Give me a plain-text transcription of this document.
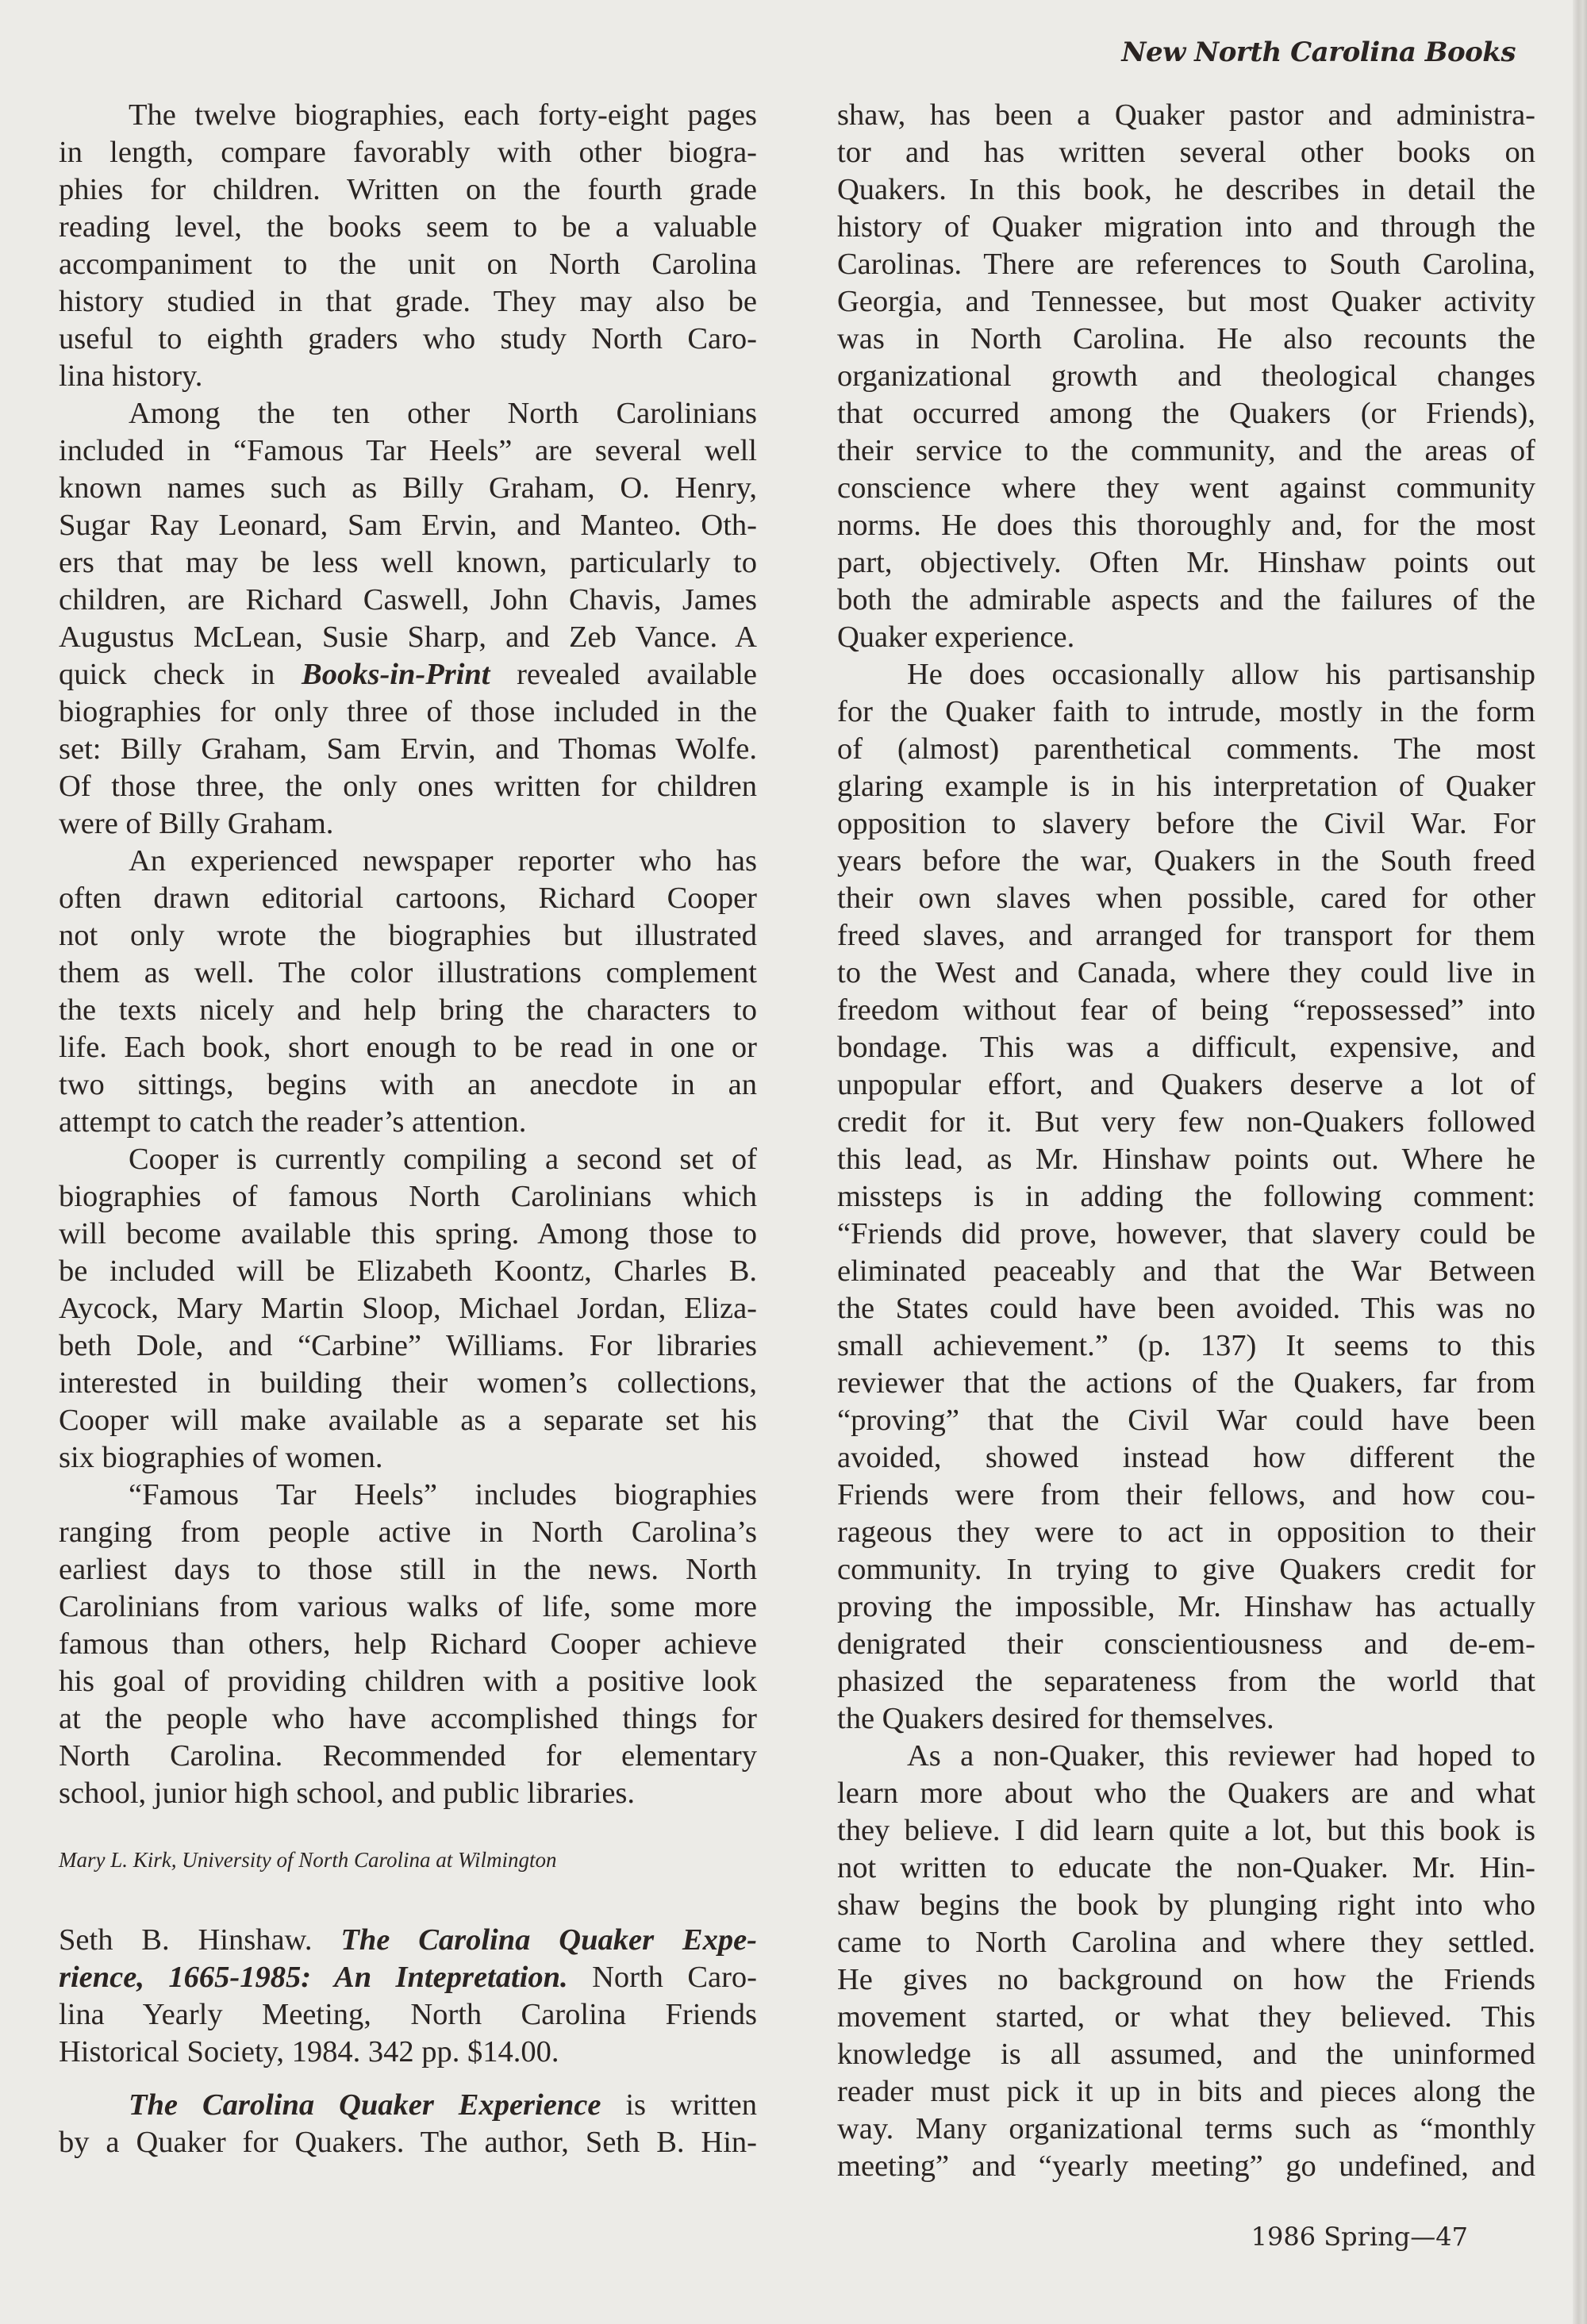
New North Carolina Books
The twelve biographies, each forty-eight pages
in length, compare favorably with other biogra-
phies for children. Written on the fourth grade
reading level, the books seem to be a valuable
accompaniment to the unit on North Carolina
history studied in that grade. They may also be
useful to eighth graders who study North Caro-
lina history.
Among the ten other North Carolinians
included in “Famous Tar Heels” are several well
known names such as Billy Graham, O. Henry,
Sugar Ray Leonard, Sam Ervin, and Manteo. Oth-
ers that may be less well known, particularly to
children, are Richard Caswell, John Chavis, James
Augustus McLean, Susie Sharp, and Zeb Vance. A
quick check in Books-in-Print revealed available
biographies for only three of those included in the
set: Billy Graham, Sam Ervin, and Thomas Wolfe.
Of those three, the only ones written for children
were of Billy Graham.
An experienced newspaper reporter who has
often drawn editorial cartoons, Richard Cooper
not only wrote the biographies but illustrated
them as well. The color illustrations complement
the texts nicely and help bring the characters to
life. Each book, short enough to be read in one or
two sittings, begins with an anecdote in an
attempt to catch the reader’s attention.
Cooper is currently compiling a second set of
biographies of famous North Carolinians which
will become available this spring. Among those to
be included will be Elizabeth Koontz, Charles B.
Aycock, Mary Martin Sloop, Michael Jordan, Eliza-
beth Dole, and “Carbine” Williams. For libraries
interested in building their women’s collections,
Cooper will make available as a separate set his
six biographies of women.
“Famous Tar Heels” includes biographies
ranging from people active in North Carolina’s
earliest days to those still in the news. North
Carolinians from various walks of life, some more
famous than others, help Richard Cooper achieve
his goal of providing children with a positive look
at the people who have accomplished things for
North Carolina. Recommended for elementary
school, junior high school, and public libraries.
Mary L. Kirk, University of North Carolina at Wilmington
Seth B. Hinshaw. The Carolina Quaker Expe-
rience, 1665-1985: An Intepretation. North Caro-
lina Yearly Meeting, North Carolina Friends
Historical Society, 1984. 342 pp. $14.00.
The Carolina Quaker Experience is written
by a Quaker for Quakers. The author, Seth B. Hin-
shaw, has been a Quaker pastor and administra-
tor and has written several other books on
Quakers. In this book, he describes in detail the
history of Quaker migration into and through the
Carolinas. There are references to South Carolina,
Georgia, and Tennessee, but most Quaker activity
was in North Carolina. He also recounts the
organizational growth and theological changes
that occurred among the Quakers (or Friends),
their service to the community, and the areas of
conscience where they went against community
norms. He does this thoroughly and, for the most
part, objectively. Often Mr. Hinshaw points out
both the admirable aspects and the failures of the
Quaker experience.
He does occasionally allow his partisanship
for the Quaker faith to intrude, mostly in the form
of (almost) parenthetical comments. The most
glaring example is in his interpretation of Quaker
opposition to slavery before the Civil War. For
years before the war, Quakers in the South freed
their own slaves when possible, cared for other
freed slaves, and arranged for transport for them
to the West and Canada, where they could live in
freedom without fear of being “repossessed” into
bondage. This was a difficult, expensive, and
unpopular effort, and Quakers deserve a lot of
credit for it. But very few non-Quakers followed
this lead, as Mr. Hinshaw points out. Where he
missteps is in adding the following comment:
“Friends did prove, however, that slavery could be
eliminated peaceably and that the War Between
the States could have been avoided. This was no
small achievement.” (p. 137) It seems to this
reviewer that the actions of the Quakers, far from
“proving” that the Civil War could have been
avoided, showed instead how different the
Friends were from their fellows, and how cou-
rageous they were to act in opposition to their
community. In trying to give Quakers credit for
proving the impossible, Mr. Hinshaw has actually
denigrated their conscientiousness and de-em-
phasized the separateness from the world that
the Quakers desired for themselves.
As a non-Quaker, this reviewer had hoped to
learn more about who the Quakers are and what
they believe. I did learn quite a lot, but this book is
not written to educate the non-Quaker. Mr. Hin-
shaw begins the book by plunging right into who
came to North Carolina and where they settled.
He gives no background on how the Friends
movement started, or what they believed. This
knowledge is all assumed, and the uninformed
reader must pick it up in bits and pieces along the
way. Many organizational terms such as “monthly
meeting” and “yearly meeting” go undefined, and
1986 Spring—47
